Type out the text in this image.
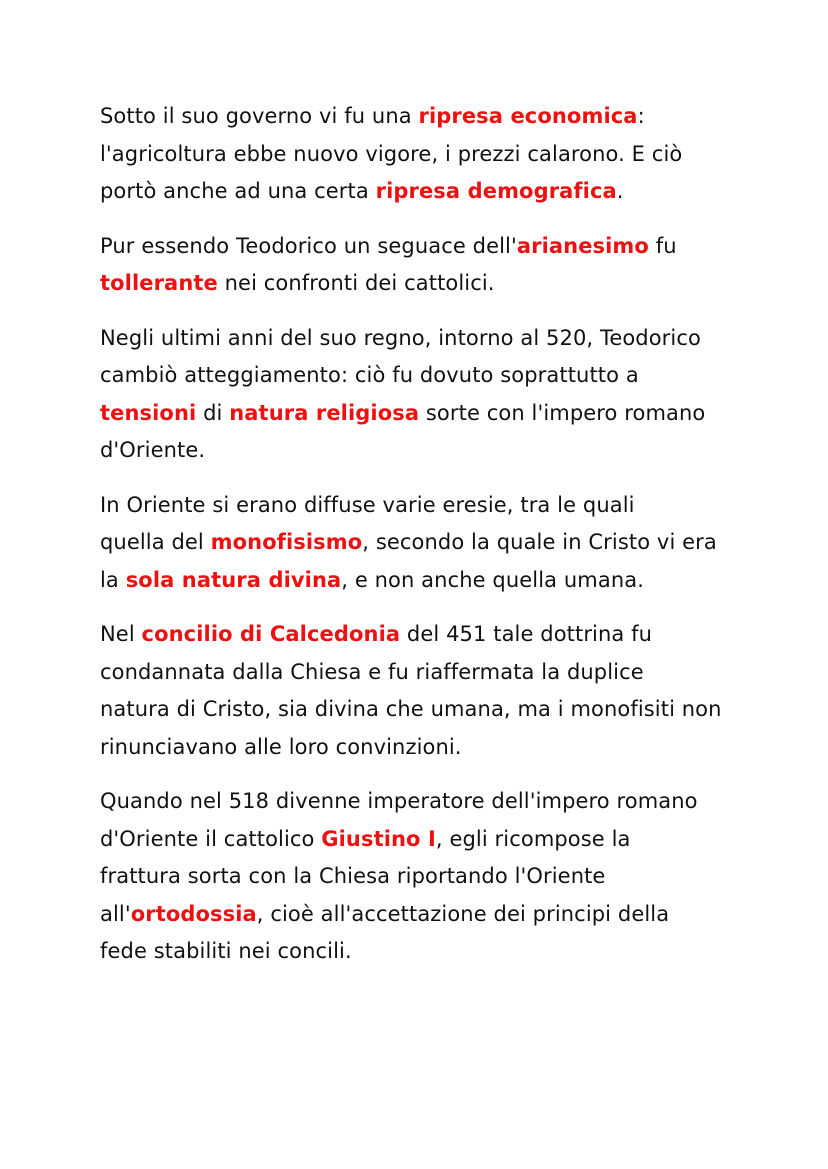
Sotto il suo governo vi fu una ripresa economica:
l'agricoltura ebbe nuovo vigore, i prezzi calarono. E ciò
portò anche ad una certa ripresa demografica.

Pur essendo Teodorico un seguace dell'arianesimo fu
tollerante nei confronti dei cattolici.

Negli ultimi anni del suo regno, intorno al 520, Teodorico
cambiò atteggiamento: ciò fu dovuto soprattutto a
tensioni di natura religiosa sorte con l'impero romano
d'Oriente.

In Oriente si erano diffuse varie eresie, tra le quali
quella del monofisismo, secondo la quale in Cristo vi era
la sola natura divina, e non anche quella umana.

Nel concilio di Calcedonia del 451 tale dottrina fu
condannata dalla Chiesa e fu riaffermata la duplice
natura di Cristo, sia divina che umana, ma i monofisiti non
rinunciavano alle loro convinzioni.

Quando nel 518 divenne imperatore dell'impero romano
d'Oriente il cattolico Giustino I, egli ricompose la
frattura sorta con la Chiesa riportando l'Oriente
all'ortodossia, cioè all'accettazione dei principi della
fede stabiliti nei concili.
